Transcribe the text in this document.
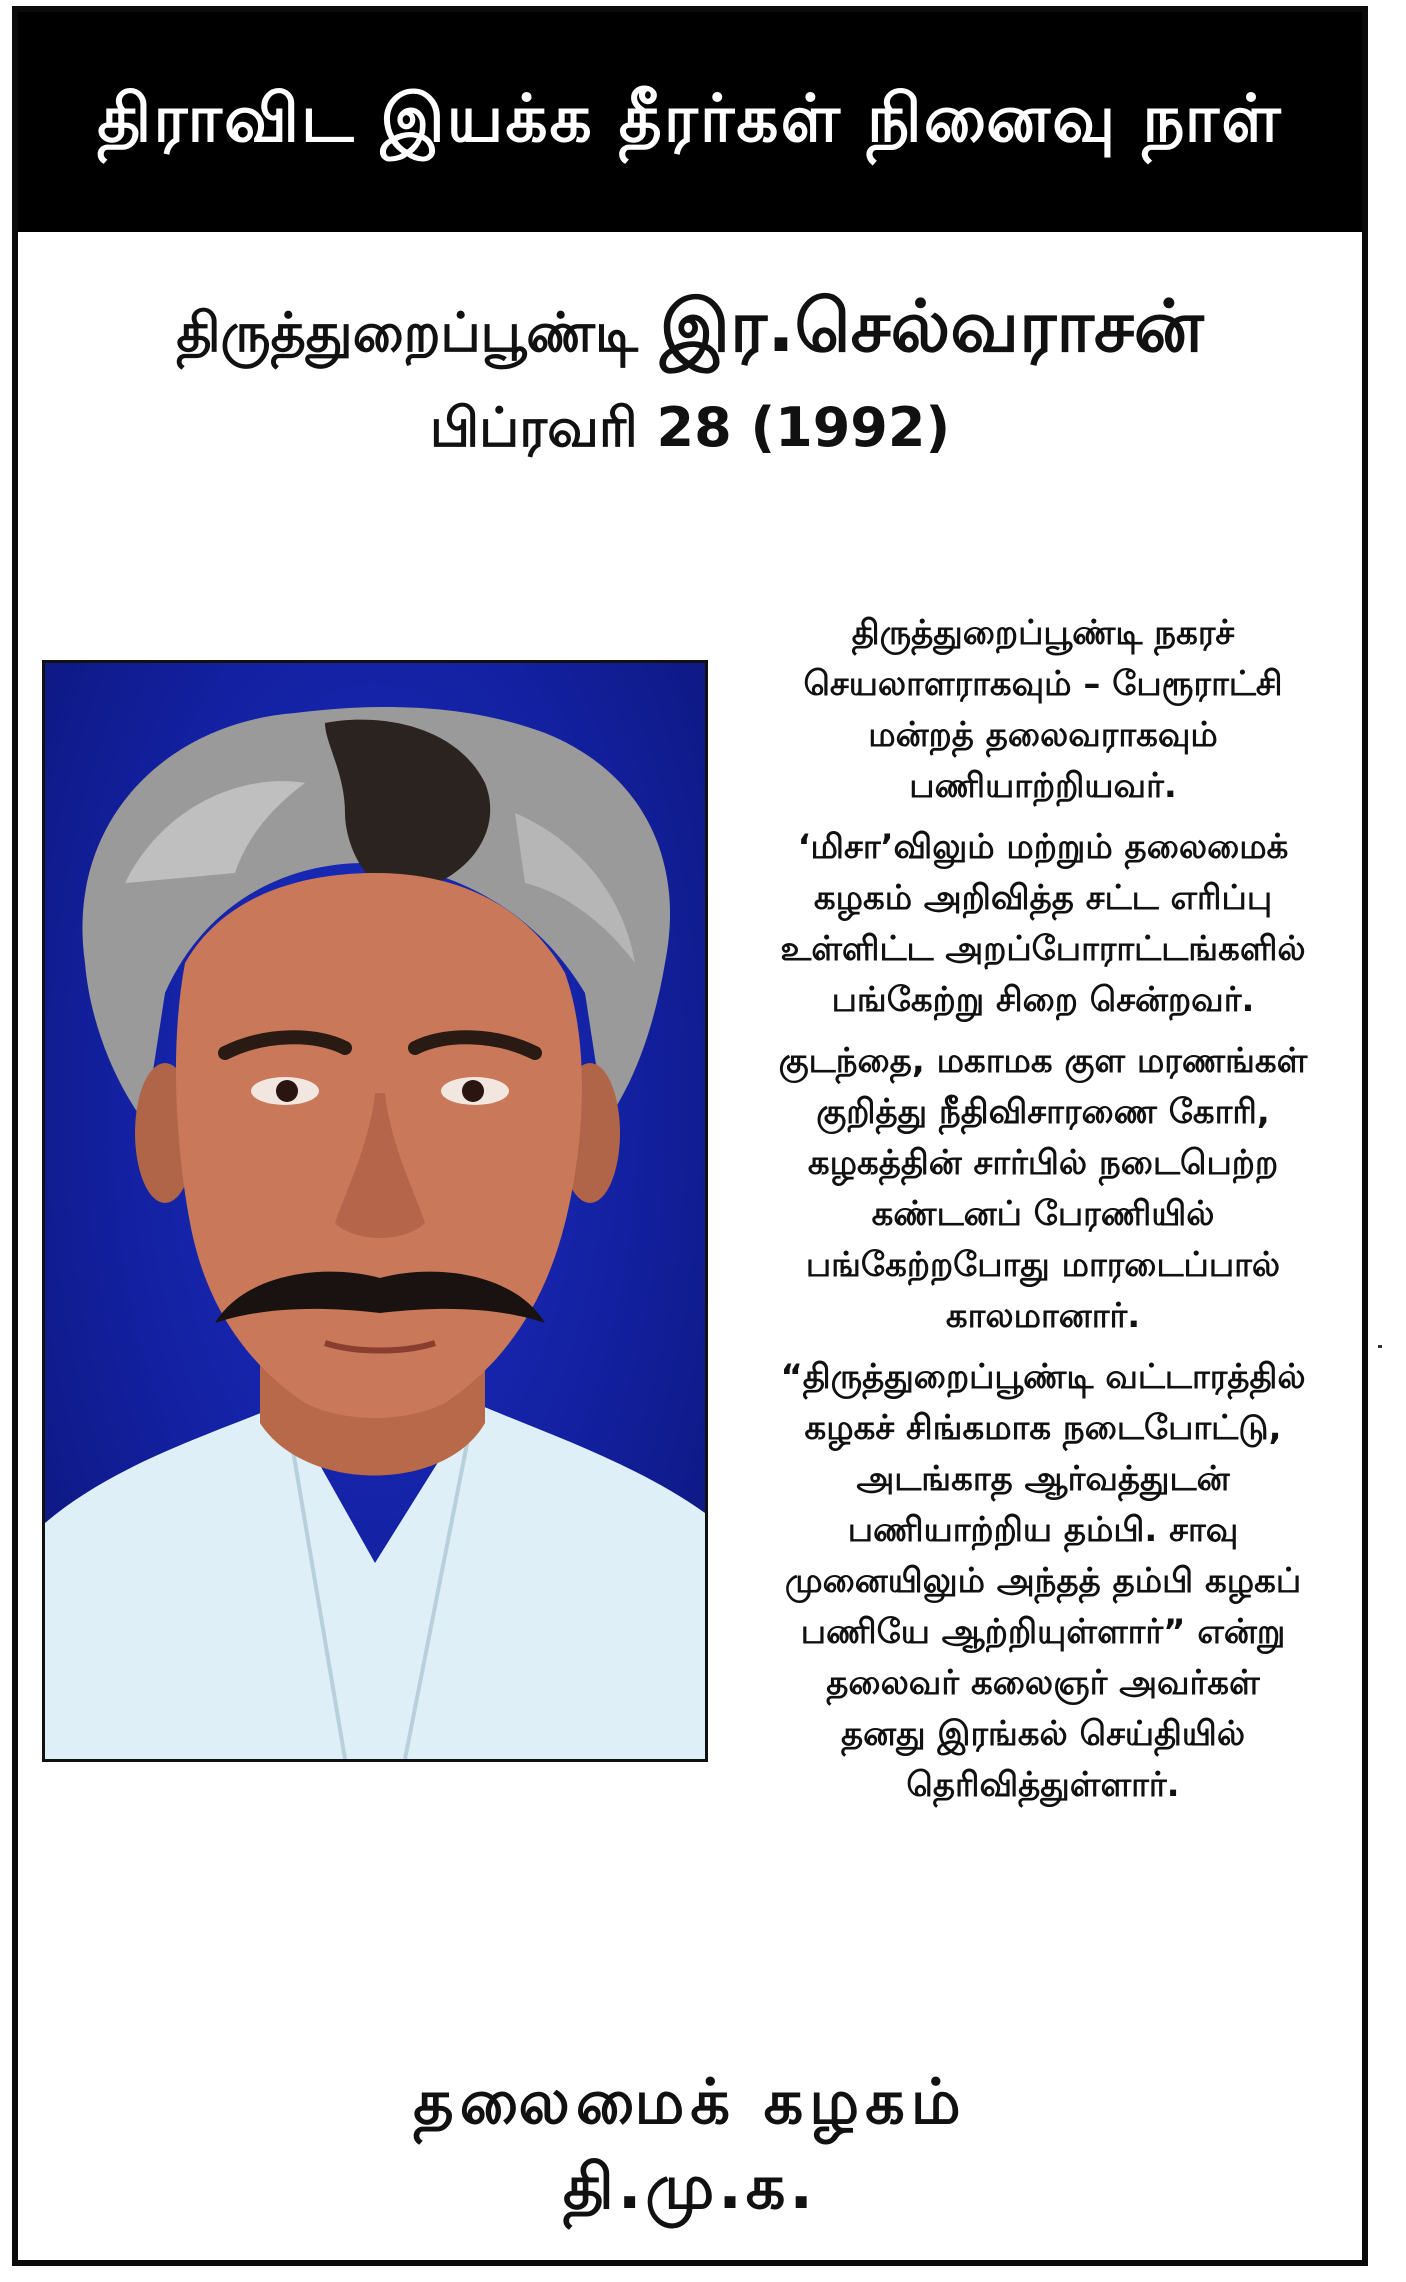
திராவிட இயக்க தீரர்கள் நினைவு நாள்
திருத்துறைப்பூண்டி இர.செல்வராசன்
பிப்ரவரி 28 (1992)

திருத்துறைப்பூண்டி நகரச்
செயலாளராகவும் – பேரூராட்சி
மன்றத் தலைவராகவும்
பணியாற்றியவர்.

‘மிசா’விலும் மற்றும் தலைமைக்
கழகம் அறிவித்த சட்ட எரிப்பு
உள்ளிட்ட அறப்போராட்டங்களில்
பங்கேற்று சிறை சென்றவர்.

குடந்தை, மகாமக குள மரணங்கள்
குறித்து நீதிவிசாரணை கோரி,
கழகத்தின் சார்பில் நடைபெற்ற
கண்டனப் பேரணியில்
பங்கேற்றபோது மாரடைப்பால்
காலமானார்.

“திருத்துறைப்பூண்டி வட்டாரத்தில்
கழகச் சிங்கமாக நடைபோட்டு,
அடங்காத ஆர்வத்துடன்
பணியாற்றிய தம்பி. சாவு
முனையிலும் அந்தத் தம்பி கழகப்
பணியே ஆற்றியுள்ளார்” என்று
தலைவர் கலைஞர் அவர்கள்
தனது இரங்கல் செய்தியில்
தெரிவித்துள்ளார்.

தலைமைக் கழகம்
தி.மு.க.
